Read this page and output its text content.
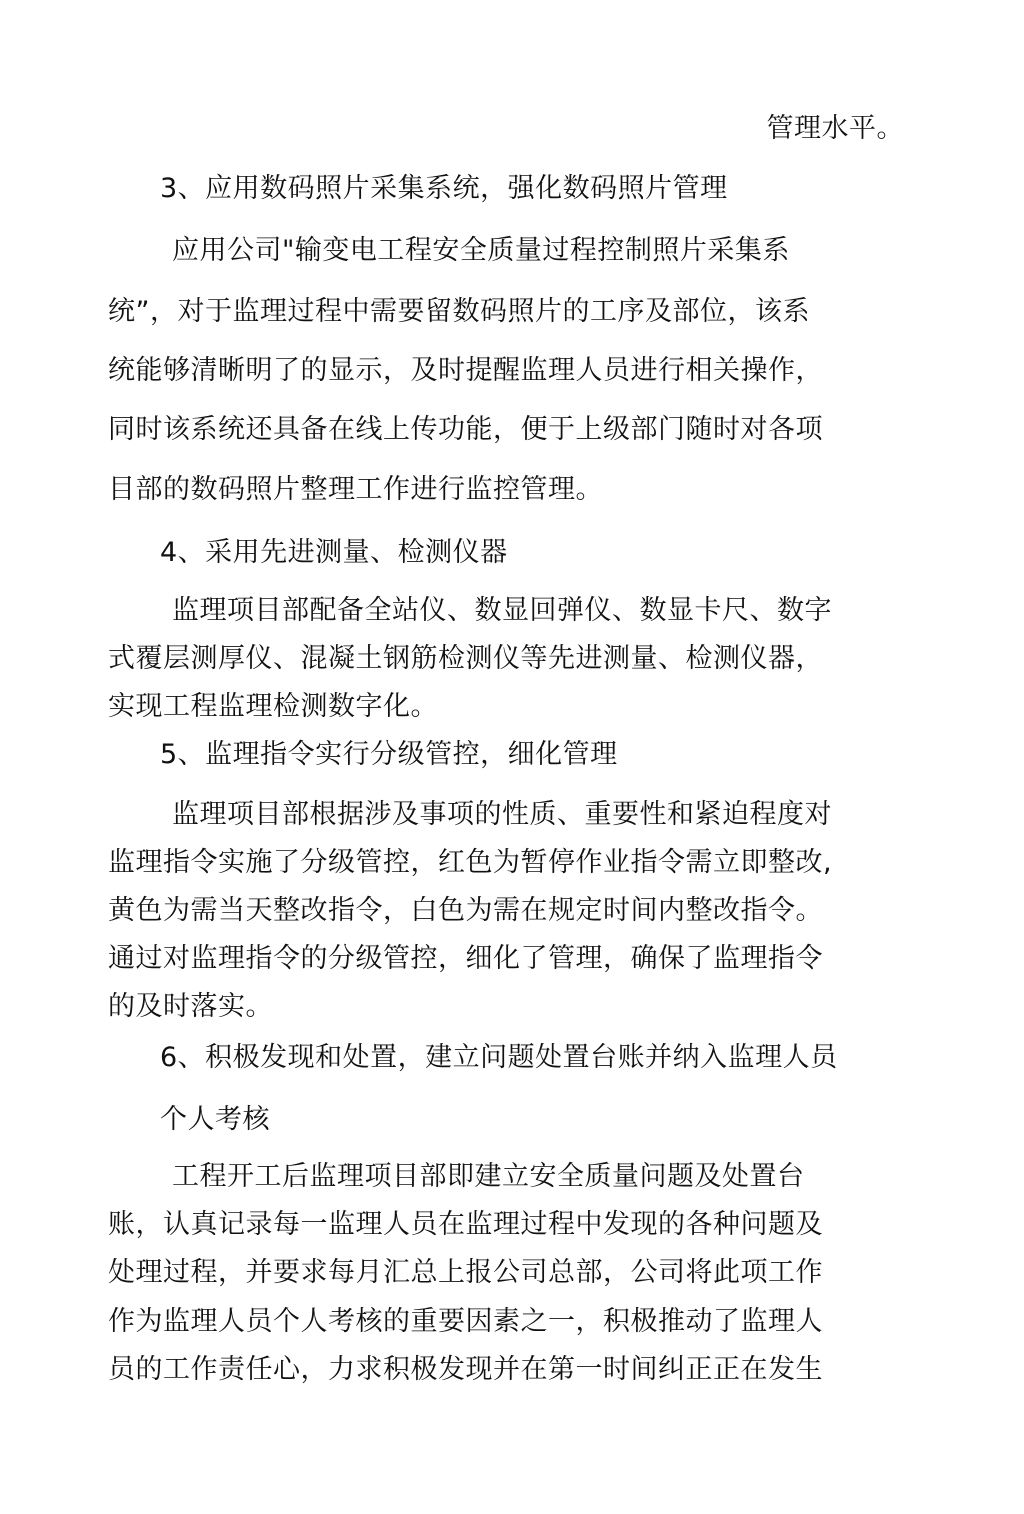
管理水平。
3、应用数码照片采集系统，强化数码照片管理
应用公司"输变电工程安全质量过程控制照片采集系
统”，对于监理过程中需要留数码照片的工序及部位，该系
统能够清晰明了的显示，及时提醒监理人员进行相关操作，
同时该系统还具备在线上传功能，便于上级部门随时对各项
目部的数码照片整理工作进行监控管理。
4、采用先进测量、检测仪器
监理项目部配备全站仪、数显回弹仪、数显卡尺、数字
式覆层测厚仪、混凝土钢筋检测仪等先进测量、检测仪器，
实现工程监理检测数字化。
5、监理指令实行分级管控，细化管理
监理项目部根据涉及事项的性质、重要性和紧迫程度对
监理指令实施了分级管控，红色为暂停作业指令需立即整改,
黄色为需当天整改指令，白色为需在规定时间内整改指令。
通过对监理指令的分级管控，细化了管理，确保了监理指令
的及时落实。
6、积极发现和处置，建立问题处置台账并纳入监理人员
个人考核
工程开工后监理项目部即建立安全质量问题及处置台
账，认真记录每一监理人员在监理过程中发现的各种问题及
处理过程，并要求每月汇总上报公司总部，公司将此项工作
作为监理人员个人考核的重要因素之一，积极推动了监理人
员的工作责任心，力求积极发现并在第一时间纠正正在发生
